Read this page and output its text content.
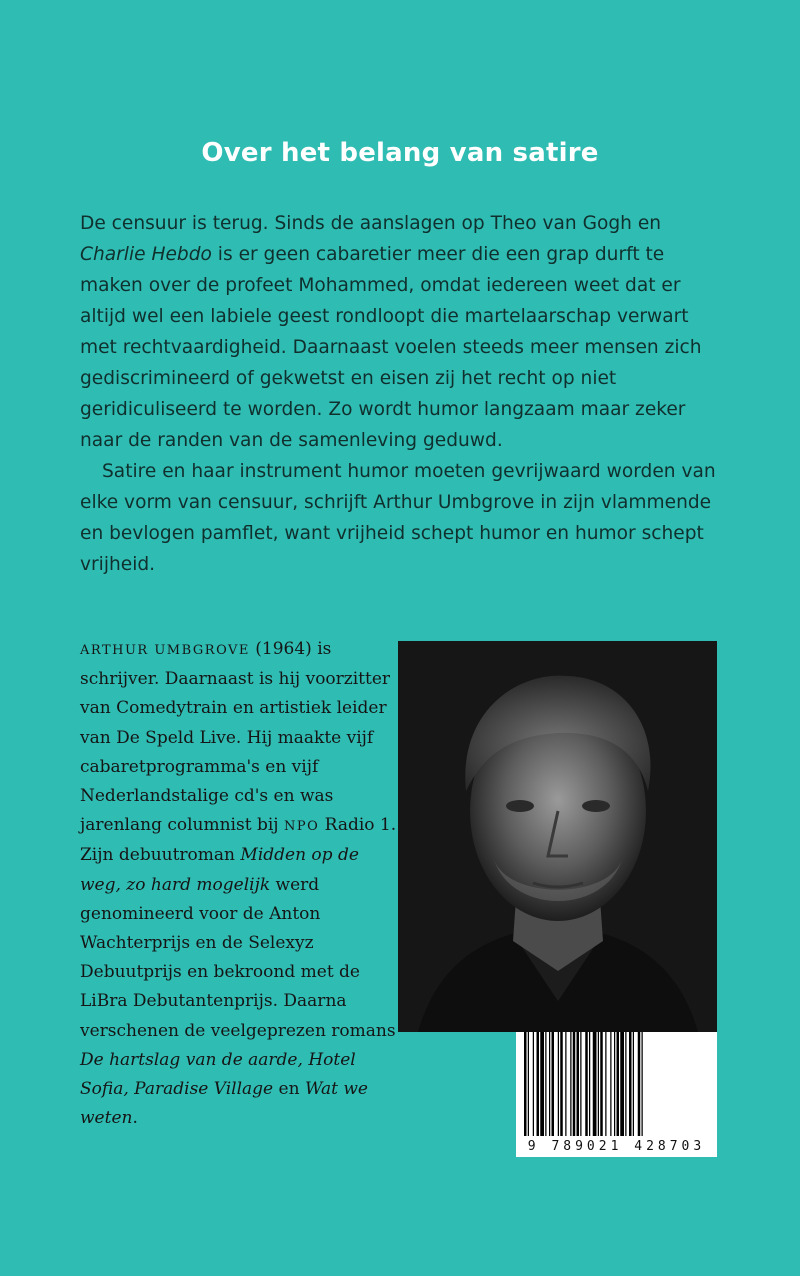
Over het belang van satire

De censuur is terug. Sinds de aanslagen op Theo van Gogh en
Charlie Hebdo is er geen cabaretier meer die een grap durft te maken over de profeet Mohammed, omdat iedereen weet dat er altijd wel een labiele geest rondloopt die martelaarschap verwart met rechtvaardigheid. Daarnaast voelen steeds meer mensen zich gediscrimineerd of gekwetst en eisen zij het recht op niet geridiculiseerd te worden. Zo wordt humor langzaam maar zeker naar de randen van de samenleving geduwd.

Satire en haar instrument humor moeten gevrijwaard worden van elke vorm van censuur, schrijft Arthur Umbgrove in zijn vlammende en bevlogen pamflet, want vrijheid schept humor en humor schept vrijheid.

ARTHUR UMBGROVE (1964) is schrijver. Daarnaast is hij voorzitter van Comedytrain en artistiek leider van De Speld Live. Hij maakte vijf cabaretprogramma's en vijf Nederlandstalige cd's en was jarenlang columnist bij NPO Radio 1. Zijn debuutroman Midden op de weg, zo hard mogelijk werd genomineerd voor de Anton Wachterprijs en de Selexyz Debuutprijs en bekroond met de LiBra Debutantenprijs. Daarna verschenen de veelgeprezen romans De hartslag van de aarde, Hotel Sofia, Paradise Village en Wat we weten.

9 789021 428703
